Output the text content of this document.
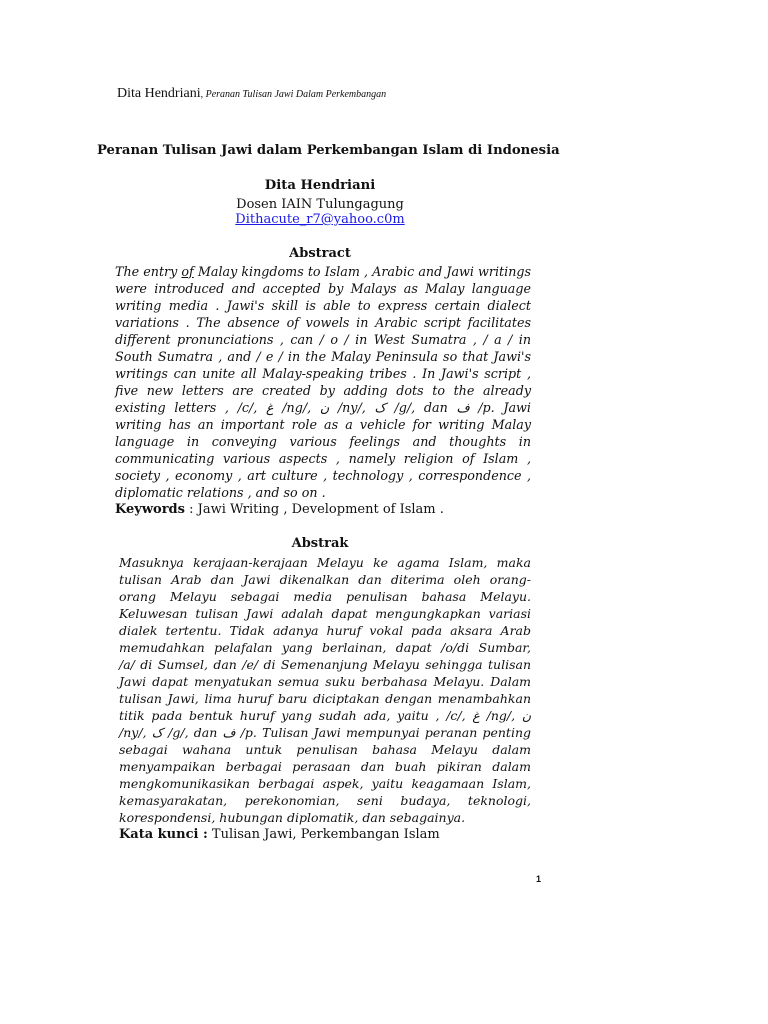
Dita Hendriani, Peranan Tulisan Jawi Dalam Perkembangan
Peranan Tulisan Jawi dalam Perkembangan Islam di Indonesia
Dita Hendriani
Dosen IAIN Tulungagung
Dithacute_r7@yahoo.c0m
Abstract
The entry of Malay kingdoms to Islam , Arabic and Jawi writings
were introduced and accepted by Malays as Malay language
writing media . Jawi's skill is able to express certain dialect
variations . The absence of vowels in Arabic script facilitates
different pronunciations , can / o / in West Sumatra , / a / in
South Sumatra , and / e / in the Malay Peninsula so that Jawi's
writings can unite all Malay-speaking tribes . In Jawi's script ,
five new letters are created by adding dots to the already
existing letters , /c/, غ /ng/, ن /ny/, ک /g/, dan ف /p. Jawi
writing has an important role as a vehicle for writing Malay
language in conveying various feelings and thoughts in
communicating various aspects , namely religion of Islam ,
society , economy , art culture , technology , correspondence ,
diplomatic relations , and so on .
Keywords : Jawi Writing , Development of Islam .
Abstrak
Masuknya kerajaan-kerajaan Melayu ke agama Islam, maka
tulisan Arab dan Jawi dikenalkan dan diterima oleh orang-
orang Melayu sebagai media penulisan bahasa Melayu.
Keluwesan tulisan Jawi adalah dapat mengungkapkan variasi
dialek tertentu. Tidak adanya huruf vokal pada aksara Arab
memudahkan pelafalan yang berlainan, dapat /o/di Sumbar,
/a/ di Sumsel, dan /e/ di Semenanjung Melayu sehingga tulisan
Jawi dapat menyatukan semua suku berbahasa Melayu. Dalam
tulisan Jawi, lima huruf baru diciptakan dengan menambahkan
titik pada bentuk huruf yang sudah ada, yaitu , /c/, غ /ng/, ن
/ny/, ک /g/, dan ف /p. Tulisan Jawi mempunyai peranan penting
sebagai wahana untuk penulisan bahasa Melayu dalam
menyampaikan berbagai perasaan dan buah pikiran dalam
mengkomunikasikan berbagai aspek, yaitu keagamaan Islam,
kemasyarakatan, perekonomian, seni budaya, teknologi,
korespondensi, hubungan diplomatik, dan sebagainya.
Kata kunci : Tulisan Jawi, Perkembangan Islam
1
